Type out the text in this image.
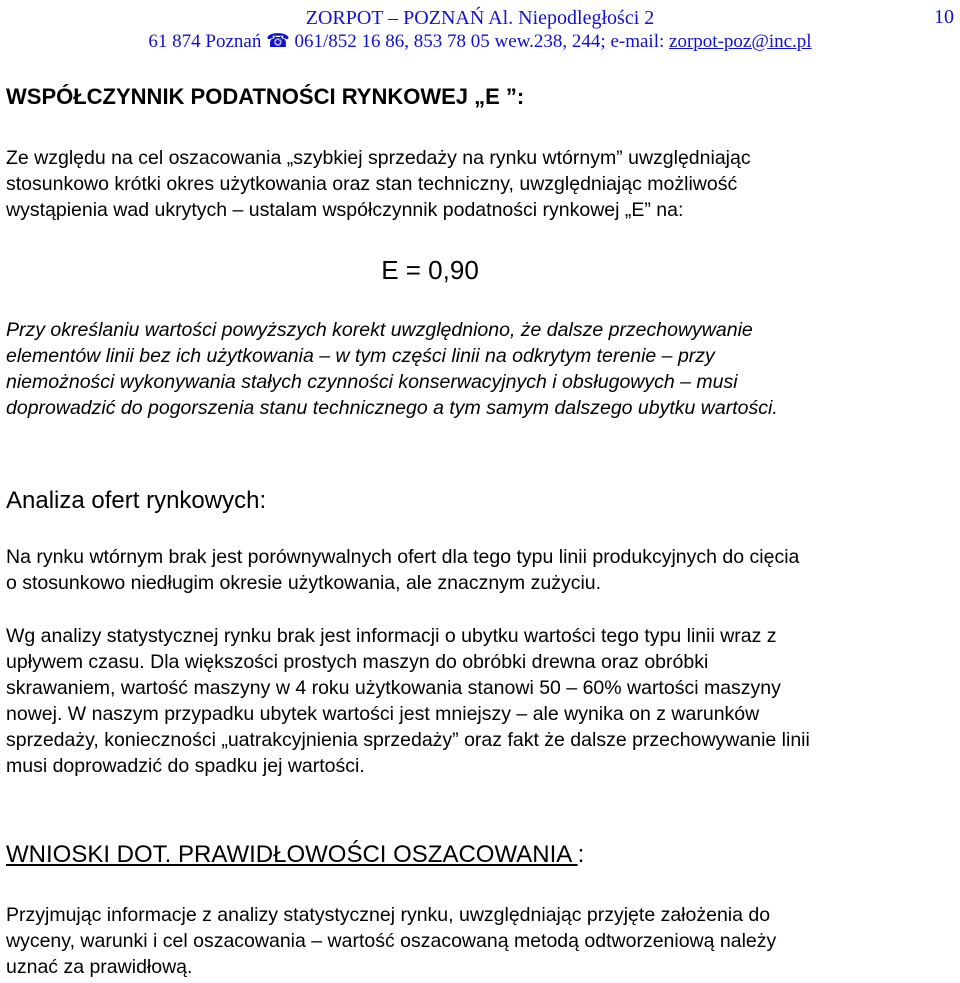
ZORPOT – POZNAŃ Al. Niepodległości 2
61 874 Poznań ☎ 061/852 16 86, 853 78 05 wew.238, 244; e-mail: zorpot-poz@inc.pl
10
WSPÓŁCZYNNIK PODATNOŚCI RYNKOWEJ „E ”:
Ze względu na cel oszacowania „szybkiej sprzedaży na rynku wtórnym” uwzględniając
stosunkowo krótki okres użytkowania oraz stan techniczny, uwzględniając możliwość
wystąpienia wad ukrytych – ustalam współczynnik podatności rynkowej „E” na:
E = 0,90
Przy określaniu wartości powyższych korekt uwzględniono, że dalsze przechowywanie
elementów linii bez ich użytkowania – w tym części linii na odkrytym terenie – przy
niemożności wykonywania stałych czynności konserwacyjnych i obsługowych – musi
doprowadzić do pogorszenia stanu technicznego a tym samym dalszego ubytku wartości.
Analiza ofert rynkowych:
Na rynku wtórnym brak jest porównywalnych ofert dla tego typu linii produkcyjnych do cięcia
o stosunkowo niedługim okresie użytkowania, ale znacznym zużyciu.
Wg analizy statystycznej rynku brak jest informacji o ubytku wartości tego typu linii wraz z
upływem czasu. Dla większości prostych maszyn do obróbki drewna oraz obróbki
skrawaniem, wartość maszyny w 4 roku użytkowania stanowi 50 – 60% wartości maszyny
nowej. W naszym przypadku ubytek wartości jest mniejszy – ale wynika on z warunków
sprzedaży, konieczności „uatrakcyjnienia sprzedaży” oraz fakt że dalsze przechowywanie linii
musi doprowadzić do spadku jej wartości.
WNIOSKI DOT. PRAWIDŁOWOŚCI OSZACOWANIA :
Przyjmując informacje z analizy statystycznej rynku, uwzględniając przyjęte założenia do
wyceny, warunki i cel oszacowania – wartość oszacowaną metodą odtworzeniową należy
uznać za prawidłową.
